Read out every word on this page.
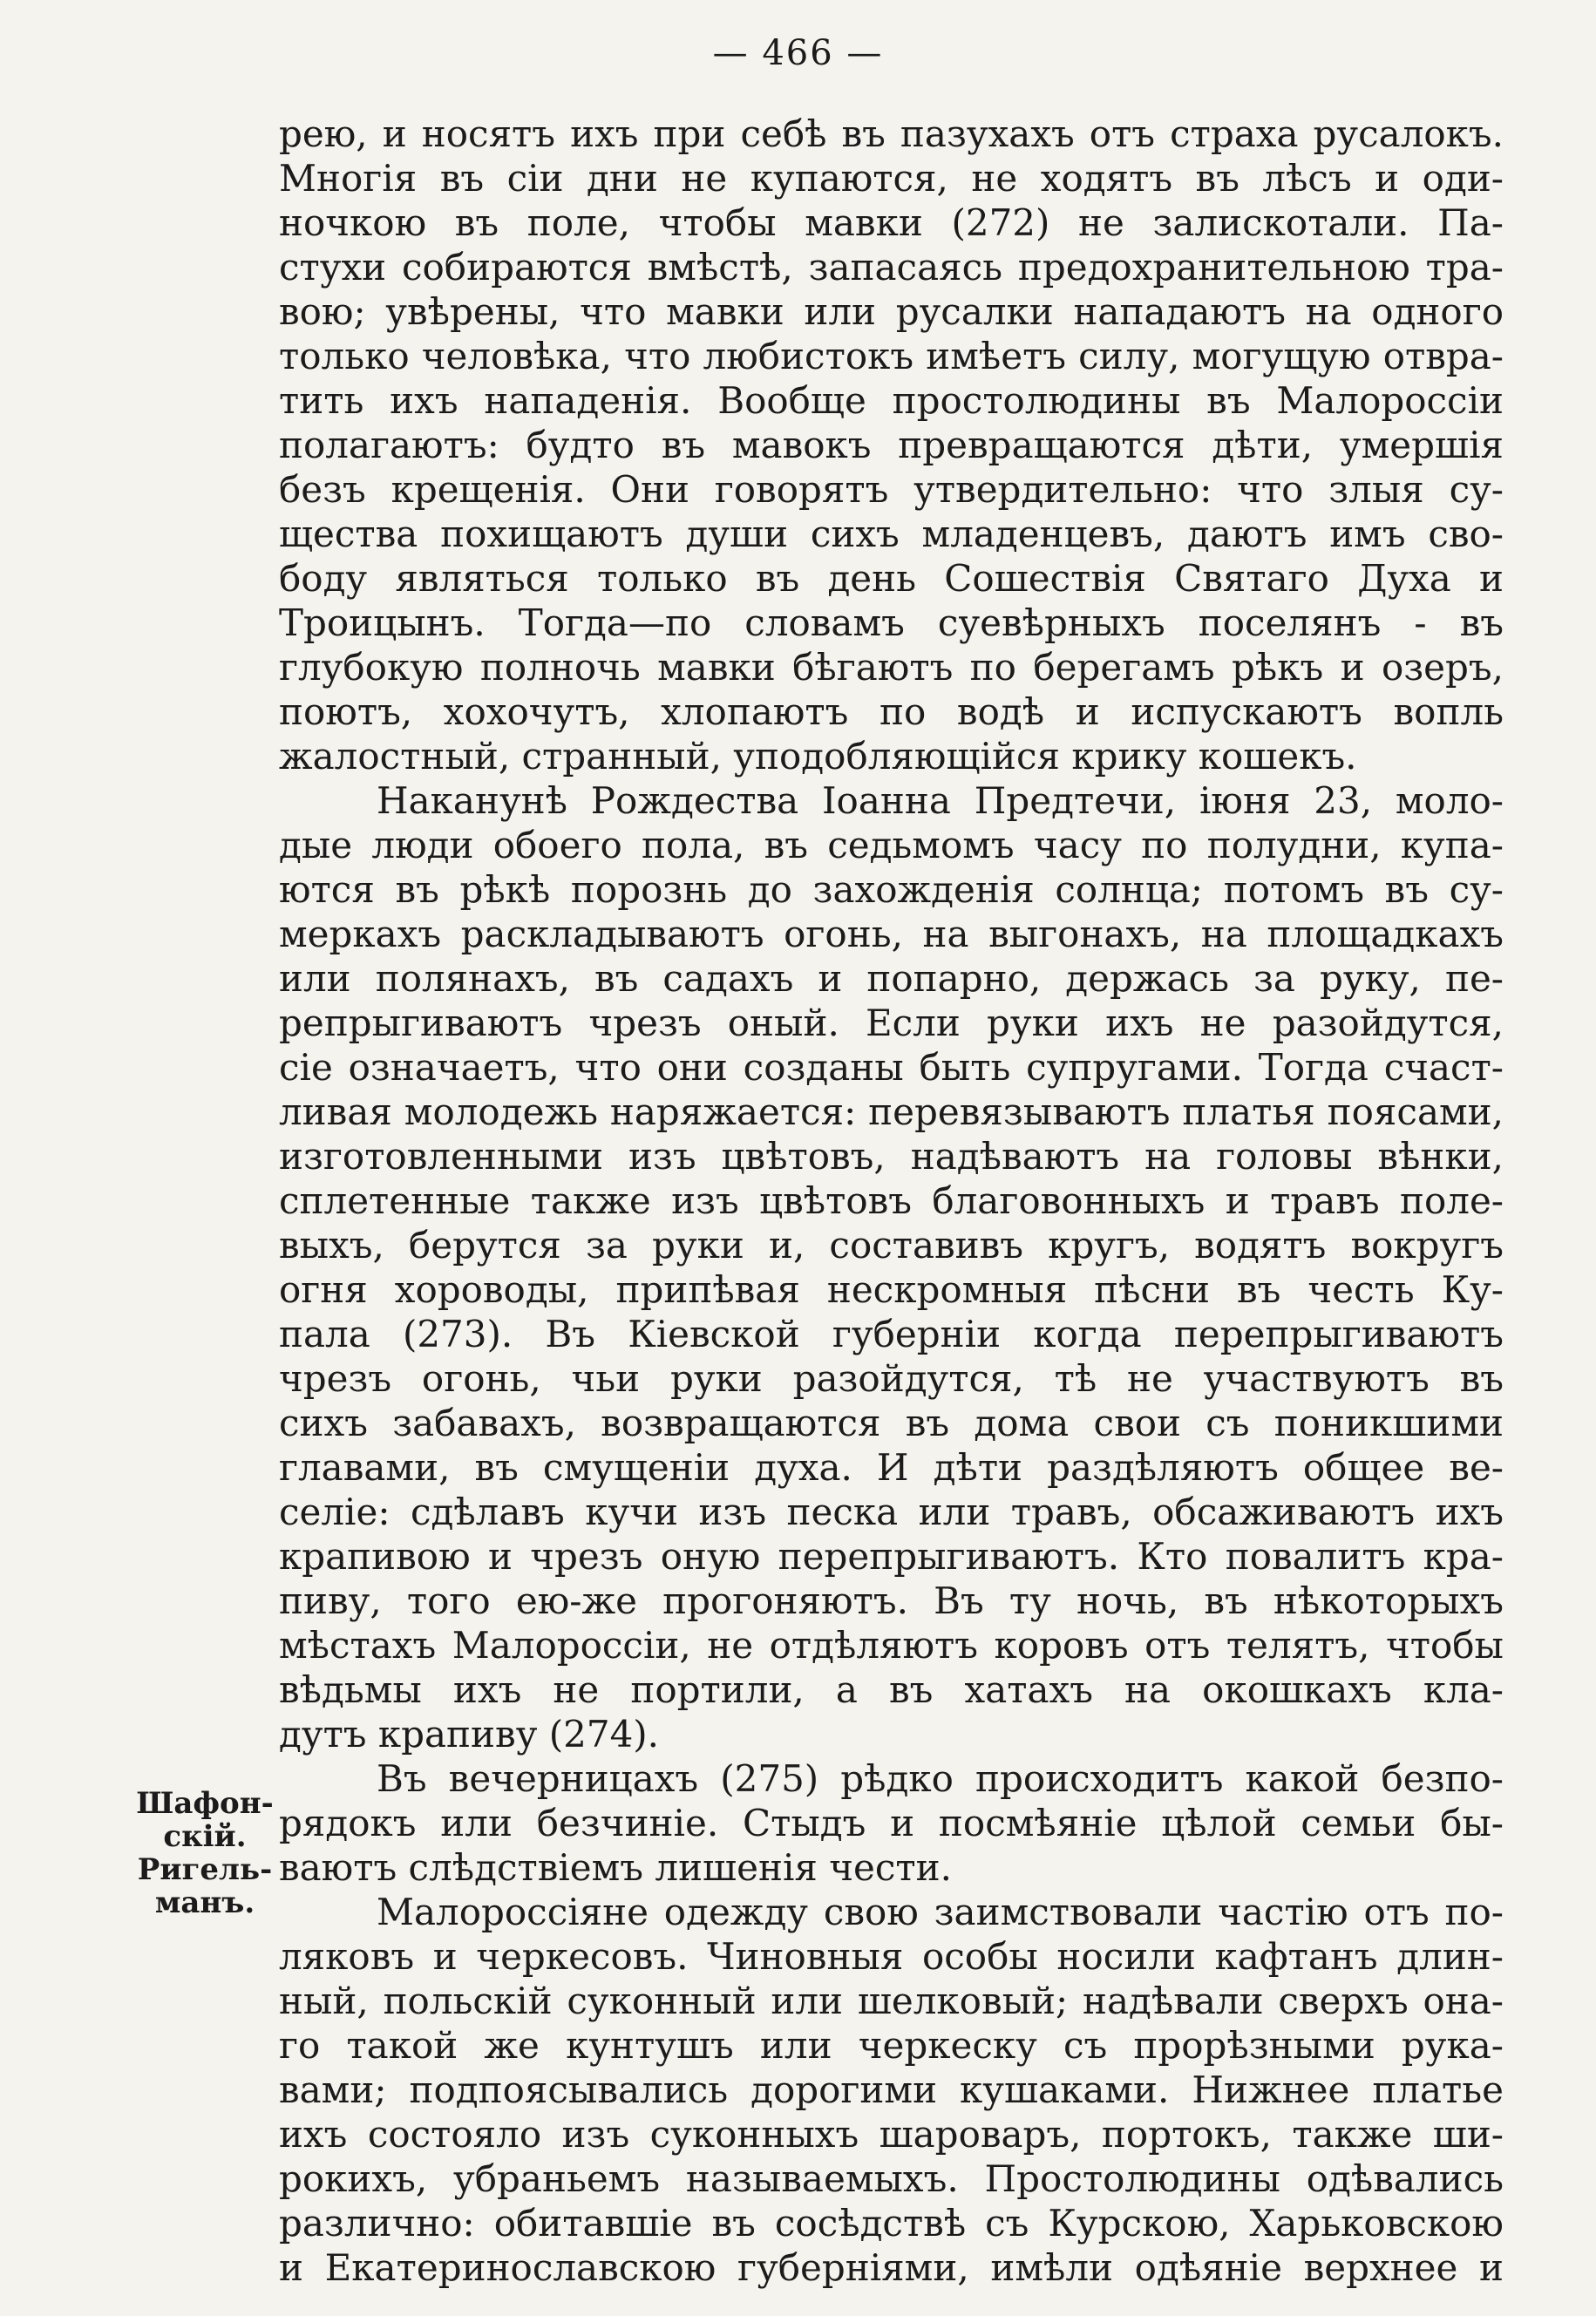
— 466 —
Шафон-
скій.
Ригель-
манъ.
рею, и носятъ ихъ при себѣ въ пазухахъ отъ страха русалокъ.
Многія въ сіи дни не купаются, не ходятъ въ лѣсъ и оди-
ночкою въ поле, чтобы мавки (272) не залискотали. Па-
стухи собираются вмѣстѣ, запасаясь предохранительною тра-
вою; увѣрены, что мавки или русалки нападаютъ на одного
только человѣка, что любистокъ имѣетъ силу, могущую отвра-
тить ихъ нападенія. Вообще простолюдины въ Малороссіи
полагаютъ: будто въ мавокъ превращаются дѣти, умершія
безъ крещенія. Они говорятъ утвердительно: что злыя су-
щества похищаютъ души сихъ младенцевъ, даютъ имъ сво-
боду являться только въ день Сошествія Святаго Духа и
Троицынъ. Тогда—по словамъ суевѣрныхъ поселянъ - въ
глубокую полночь мавки бѣгаютъ по берегамъ рѣкъ и озеръ,
поютъ, хохочутъ, хлопаютъ по водѣ и испускаютъ вопль
жалостный, странный, уподобляющійся крику кошекъ.
Наканунѣ Рождества Іоанна Предтечи, іюня 23, моло-
дые люди обоего пола, въ седьмомъ часу по полудни, купа-
ются въ рѣкѣ порознь до захожденія солнца; потомъ въ су-
меркахъ раскладываютъ огонь, на выгонахъ, на площадкахъ
или полянахъ, въ садахъ и попарно, держась за руку, пе-
репрыгиваютъ чрезъ оный. Если руки ихъ не разойдутся,
сіе означаетъ, что они созданы быть супругами. Тогда счаст-
ливая молодежь наряжается: перевязываютъ платья поясами,
изготовленными изъ цвѣтовъ, надѣваютъ на головы вѣнки,
сплетенные также изъ цвѣтовъ благовонныхъ и травъ поле-
выхъ, берутся за руки и, составивъ кругъ, водятъ вокругъ
огня хороводы, припѣвая нескромныя пѣсни въ честь Ку-
пала (273). Въ Кіевской губерніи когда перепрыгиваютъ
чрезъ огонь, чьи руки разойдутся, тѣ не участвуютъ въ
сихъ забавахъ, возвращаются въ дома свои съ поникшими
главами, въ смущеніи духа. И дѣти раздѣляютъ общее ве-
селіе: сдѣлавъ кучи изъ песка или травъ, обсаживаютъ ихъ
крапивою и чрезъ оную перепрыгиваютъ. Кто повалитъ кра-
пиву, того ею-же прогоняютъ. Въ ту ночь, въ нѣкоторыхъ
мѣстахъ Малороссіи, не отдѣляютъ коровъ отъ телятъ, чтобы
вѣдьмы ихъ не портили, а въ хатахъ на окошкахъ кла-
дутъ крапиву (274).
Въ вечерницахъ (275) рѣдко происходитъ какой безпо-
рядокъ или безчиніе. Стыдъ и посмѣяніе цѣлой семьи бы-
ваютъ слѣдствіемъ лишенія чести.
Малороссіяне одежду свою заимствовали частію отъ по-
ляковъ и черкесовъ. Чиновныя особы носили кафтанъ длин-
ный, польскій суконный или шелковый; надѣвали сверхъ она-
го такой же кунтушъ или черкеску съ прорѣзными рука-
вами; подпоясывались дорогими кушаками. Нижнее платье
ихъ состояло изъ суконныхъ шароваръ, портокъ, также ши-
рокихъ, убраньемъ называемыхъ. Простолюдины одѣвались
различно: обитавшіе въ сосѣдствѣ съ Курскою, Харьковскою
и Екатеринославскою губерніями, имѣли одѣяніе верхнее и
